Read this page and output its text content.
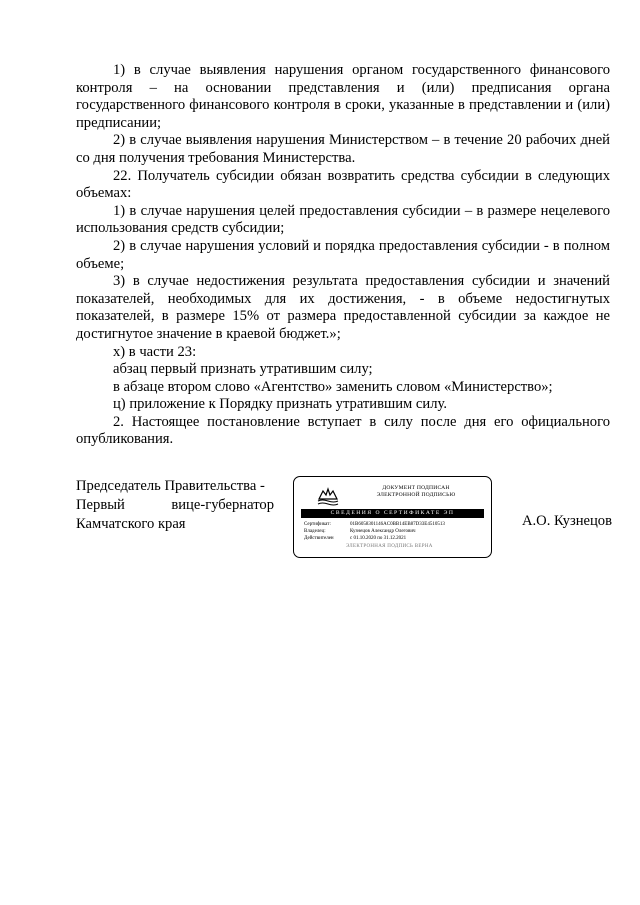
1) в случае выявления нарушения органом государственного финансового контроля – на основании представления и (или) предписания органа государственного финансового контроля в сроки, указанные в представлении и (или) предписании;

2) в случае выявления нарушения Министерством – в течение 20 рабочих дней со дня получения требования Министерства.

22. Получатель субсидии обязан возвратить средства субсидии в следующих объемах:

1) в случае нарушения целей предоставления субсидии – в размере нецелевого использования средств субсидии;

2) в случае нарушения условий и порядка предоставления субсидии - в полном объеме;

3) в случае недостижения результата предоставления субсидии и значений показателей, необходимых для их достижения, - в объеме недостигнутых показателей, в размере 15% от размера предоставленной субсидии за каждое не достигнутое значение в краевой бюджет.»;

х) в части 23:

абзац первый признать утратившим силу;

в абзаце втором слово «Агентство» заменить словом «Министерство»;

ц) приложение к Порядку признать утратившим силу.

2. Настоящее постановление вступает в силу после дня его официального опубликования.

Председатель Правительства -

Первый вице-губернатор

Камчатского края

ДОКУМЕНТ ПОДПИСАН
ЭЛЕКТРОННОЙ ПОДПИСЬЮ
СВЕДЕНИЯ О СЕРТИФИКАТЕ ЭП
Сертификат:	01B6058301146AC0BB14EB87D33E4510513
Владелец:	Кузнецов Александр Олегович
Действителен	с 01.10.2020 по 31.12.2021
ЭЛЕКТРОННАЯ ПОДПИСЬ ВЕРНА
А.О. Кузнецов
